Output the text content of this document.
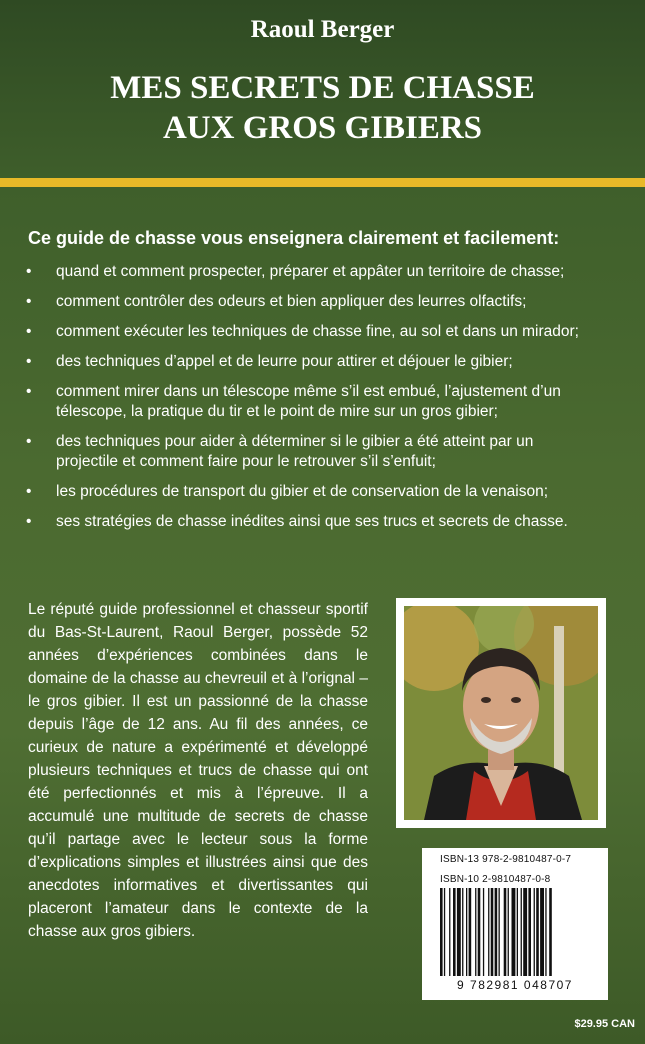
Raoul Berger
MES SECRETS DE CHASSE
AUX GROS GIBIERS
Ce guide de chasse vous enseignera clairement et facilement:
•	quand et comment prospecter, préparer et appâter un territoire de chasse;
•	comment contrôler des odeurs et bien appliquer des leurres olfactifs;
•	comment exécuter les techniques de chasse fine, au sol et dans un mirador;
•	des techniques d’appel et de leurre pour attirer et déjouer le gibier;
•	comment mirer dans un télescope même s’il est embué, l’ajustement d’un
télescope, la pratique du tir et le point de mire sur un gros gibier;
•	des techniques pour aider à déterminer si le gibier a été atteint par un
projectile et comment faire pour le retrouver s’il s’enfuit;
•	les procédures de transport du gibier et de conservation de la venaison;
•	ses stratégies de chasse inédites ainsi que ses trucs et secrets de chasse.
Le réputé guide professionnel et chasseur sportif du Bas-St-Laurent, Raoul Berger, possède 52 années d’expériences combinées dans le domaine de la chasse au chevreuil et à l’orignal – le gros gibier. Il est un passionné de la chasse depuis l’âge de 12 ans. Au fil des années, ce curieux de nature a expérimenté et développé plusieurs techniques et trucs de chasse qui ont été perfectionnés et mis à l’épreuve. Il a accumulé une multitude de secrets de chasse qu’il partage avec le lecteur sous la forme d’explications simples et illustrées ainsi que des anecdotes informatives et divertissantes qui placeront l’amateur dans le contexte de la chasse aux gros gibiers.
ISBN-13 978-2-9810487-0-7
ISBN-10 2-9810487-0-8
9 782981 048707
$29.95 CAN
